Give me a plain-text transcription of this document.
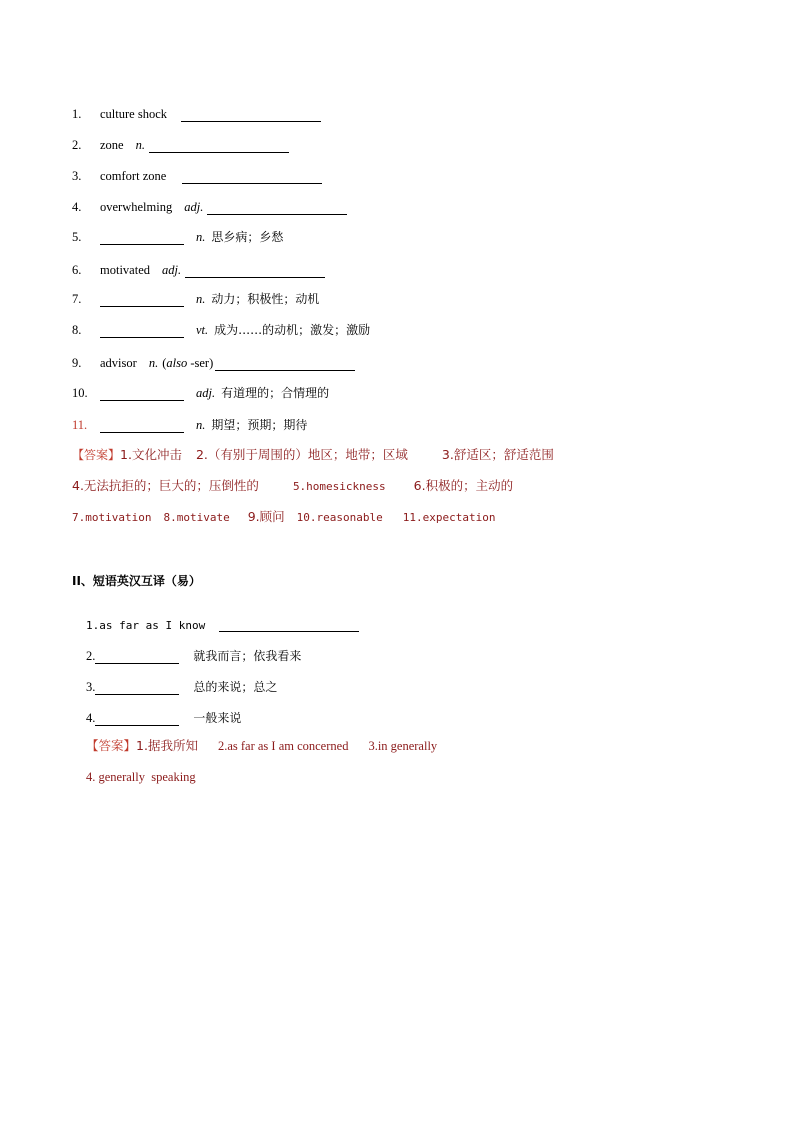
1.	culture shock
2.	zone n.
3.	comfort zone
4.	overwhelming adj.
5.	n. 思乡病；乡愁
6.	motivated adj.
7.	n. 动力；积极性；动机
8.	vt. 成为……的动机；激发；激励
9.	advisor n. (also -ser)
10.	adj. 有道理的；合情理的
11.	n. 期望；预期；期待
【答案】1.文化冲击 2.（有别于周围的）地区；地带；区域	3.舒适区；舒适范围
4.无法抗拒的；巨大的；压倒性的	5.homesickness 6.积极的；主动的
7.motivation 8.motivate 9.顾问 10.reasonable 11.expectation
II、短语英汉互译（易）
1. as far as I know
2.	就我而言；依我看来
3.	总的来说；总之
4.	一般来说
【答案】1.据我所知 2.as far as I am concerned 3.in generally
4. generally  speaking
